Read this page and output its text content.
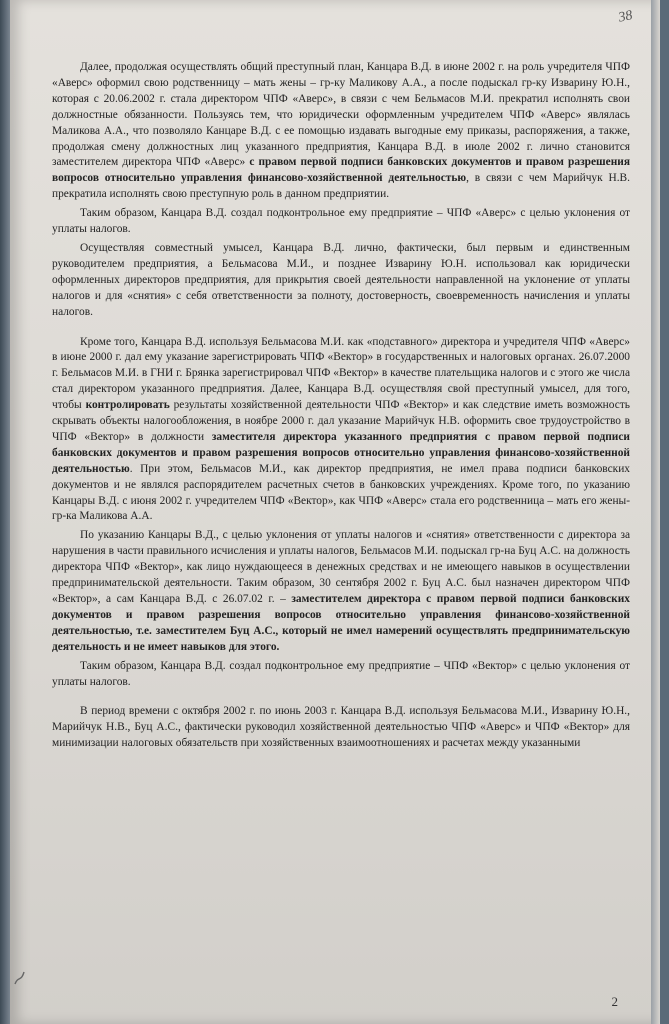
38

Далее, продолжая осуществлять общий преступный план, Канцара В.Д. в июне 2002 г. на роль учредителя ЧПФ «Аверс» оформил свою родственницу – мать жены – гр-ку Маликову А.А., а после подыскал гр-ку Изварину Ю.Н., которая с 20.06.2002 г. стала директором ЧПФ «Аверс», в связи с чем Бельмасов М.И. прекратил исполнять свои должностные обязанности. Пользуясь тем, что юридически оформленным учредителем ЧПФ «Аверс» являлась Маликова А.А., что позволяло Канцаре В.Д. с ее помощью издавать выгодные ему приказы, распоряжения, а также, продолжая смену должностных лиц указанного предприятия, Канцара В.Д. в июле 2002 г. лично становится заместителем директора ЧПФ «Аверс» с правом первой подписи банковских документов и правом разрешения вопросов относительно управления финансово-хозяйственной деятельностью, в связи с чем Марийчук Н.В. прекратила исполнять свою преступную роль в данном предприятии.

Таким образом, Канцара В.Д. создал подконтрольное ему предприятие – ЧПФ «Аверс» с целью уклонения от уплаты налогов.

Осуществляя совместный умысел, Канцара В.Д. лично, фактически, был первым и единственным руководителем предприятия, а Бельмасова М.И., и позднее Изварину Ю.Н. использовал как юридически оформленных директоров предприятия, для прикрытия своей деятельности направленной на уклонение от уплаты налогов и для «снятия» с себя ответственности за полноту, достоверность, своевременность начисления и уплаты налогов.

Кроме того, Канцара В.Д. используя Бельмасова М.И. как «подставного» директора и учредителя ЧПФ «Аверс» в июне 2000 г. дал ему указание зарегистрировать ЧПФ «Вектор» в государственных и налоговых органах. 26.07.2000 г. Бельмасов М.И. в ГНИ г. Брянка зарегистрировал ЧПФ «Вектор» в качестве плательщика налогов и с этого же числа стал директором указанного предприятия. Далее, Канцара В.Д. осуществляя свой преступный умысел, для того, чтобы контролировать результаты хозяйственной деятельности ЧПФ «Вектор» и как следствие иметь возможность скрывать объекты налогообложения, в ноябре 2000 г. дал указание Марийчук Н.В. оформить свое трудоустройство в ЧПФ «Вектор» в должности заместителя директора указанного предприятия с правом первой подписи банковских документов и правом разрешения вопросов относительно управления финансово-хозяйственной деятельностью. При этом, Бельмасов М.И., как директор предприятия, не имел права подписи банковских документов и не являлся распорядителем расчетных счетов в банковских учреждениях. Кроме того, по указанию Канцары В.Д. с июня 2002 г. учредителем ЧПФ «Вектор», как ЧПФ «Аверс» стала его родственница – мать его жены- гр-ка Маликова А.А.

По указанию Канцары В.Д., с целью уклонения от уплаты налогов и «снятия» ответственности с директора за нарушения в части правильного исчисления и уплаты налогов, Бельмасов М.И. подыскал гр-на Буц А.С. на должность директора ЧПФ «Вектор», как лицо нуждающееся в денежных средствах и не имеющего навыков в осуществлении предпринимательской деятельности. Таким образом, 30 сентября 2002 г. Буц А.С. был назначен директором ЧПФ «Вектор», а сам Канцара В.Д. с 26.07.02 г. – заместителем директора с правом первой подписи банковских документов и правом разрешения вопросов относительно управления финансово-хозяйственной деятельностью, т.е. заместителем Буц А.С., который не имел намерений осуществлять предпринимательскую деятельность и не имеет навыков для этого.

Таким образом, Канцара В.Д. создал подконтрольное ему предприятие – ЧПФ «Вектор» с целью уклонения от уплаты налогов.

В период времени с октября 2002 г. по июнь 2003 г. Канцара В.Д. используя Бельмасова М.И., Изварину Ю.Н., Марийчук Н.В., Буц А.С., фактически руководил хозяйственной деятельностью ЧПФ «Аверс» и ЧПФ «Вектор» для минимизации налоговых обязательств при хозяйственных взаимоотношениях и расчетах между указанными

2
